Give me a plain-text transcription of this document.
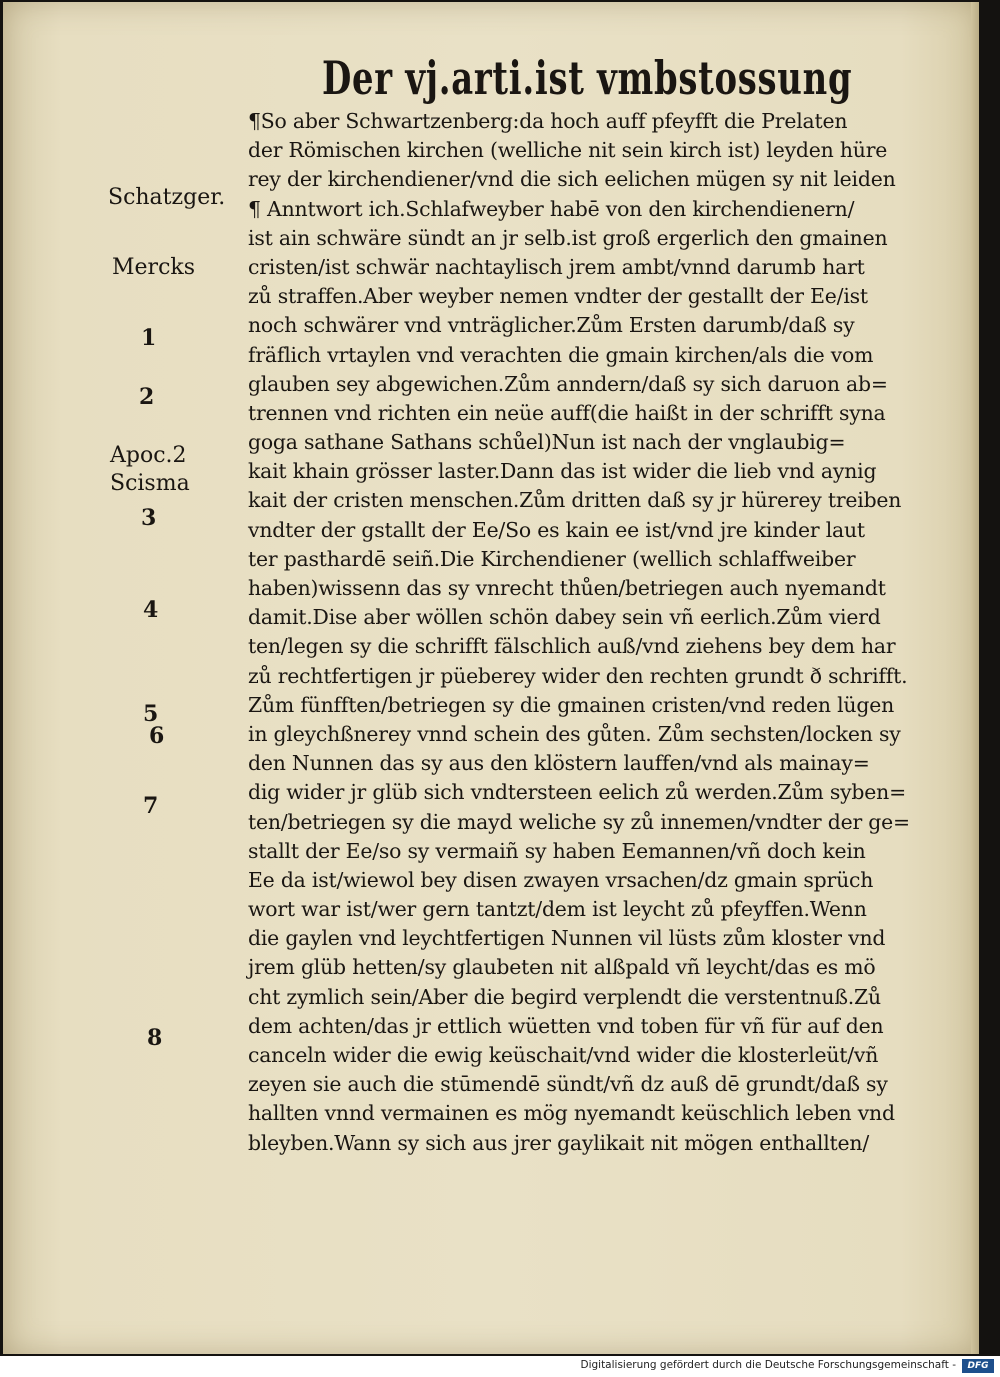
Der vj.arti.ist vmbstossung
¶So aber Schwartzenberg:da hoch auff pfeyfft die Prelaten
der Römischen kirchen (welliche nit sein kirch ist) leyden hüre
rey der kirchendiener/vnd die sich eelichen mügen sy nit leiden
¶ Anntwort ich.Schlafweyber habē von den kirchendienern/
ist ain schwäre sündt an jr selb.ist groß ergerlich den gmainen
cristen/ist schwär nachtaylisch jrem ambt/vnnd darumb hart
zů straffen.Aber weyber nemen vndter der gestallt der Ee/ist
noch schwärer vnd vnträglicher.Zům Ersten darumb/daß sy
fräflich vrtaylen vnd verachten die gmain kirchen/als die vom
glauben sey abgewichen.Zům anndern/daß sy sich daruon ab=
trennen vnd richten ein neüe auff(die haißt in der schrifft syna
goga sathane Sathans schůel)Nun ist nach der vnglaubig=
kait khain grösser laster.Dann das ist wider die lieb vnd aynig
kait der cristen menschen.Zům dritten daß sy jr hürerey treiben
vndter der gstallt der Ee/So es kain ee ist/vnd jre kinder laut
ter pasthardē seiñ.Die Kirchendiener (wellich schlaffweiber
haben)wissenn das sy vnrecht thůen/betriegen auch nyemandt
damit.Dise aber wöllen schön dabey sein vñ eerlich.Zům vierd
ten/legen sy die schrifft fälschlich auß/vnd ziehens bey dem har
zů rechtfertigen jr püeberey wider den rechten grundt ð schrifft.
Zům fünfften/betriegen sy die gmainen cristen/vnd reden lügen
in gleychßnerey vnnd schein des gůten. Zům sechsten/locken sy
den Nunnen das sy aus den klöstern lauffen/vnd als mainay=
dig wider jr glüb sich vndtersteen eelich zů werden.Zům syben=
ten/betriegen sy die mayd weliche sy zů innemen/vndter der ge=
stallt der Ee/so sy vermaiñ sy haben Eemannen/vñ doch kein
Ee da ist/wiewol bey disen zwayen vrsachen/dz gmain sprüch
wort war ist/wer gern tantzt/dem ist leycht zů pfeyffen.Wenn
die gaylen vnd leychtfertigen Nunnen vil lüsts zům kloster vnd
jrem glüb hetten/sy glaubeten nit alßpald vñ leycht/das es mö
cht zymlich sein/Aber die begird verplendt die verstentnuß.Zů
dem achten/das jr ettlich wüetten vnd toben für vñ für auf den
canceln wider die ewig keüschait/vnd wider die klosterleüt/vñ
zeyen sie auch die stūmendē sündt/vñ dz auß dē grundt/daß sy
hallten vnnd vermainen es mög nyemandt keüschlich leben vnd
bleyben.Wann sy sich aus jrer gaylikait nit mögen enthallten/
Schatzger.
Mercks
1
2
Apoc.2
Scisma
3
4
5
6
7
8
Digitalisierung gefördert durch die Deutsche Forschungsgemeinschaft -	DFG
